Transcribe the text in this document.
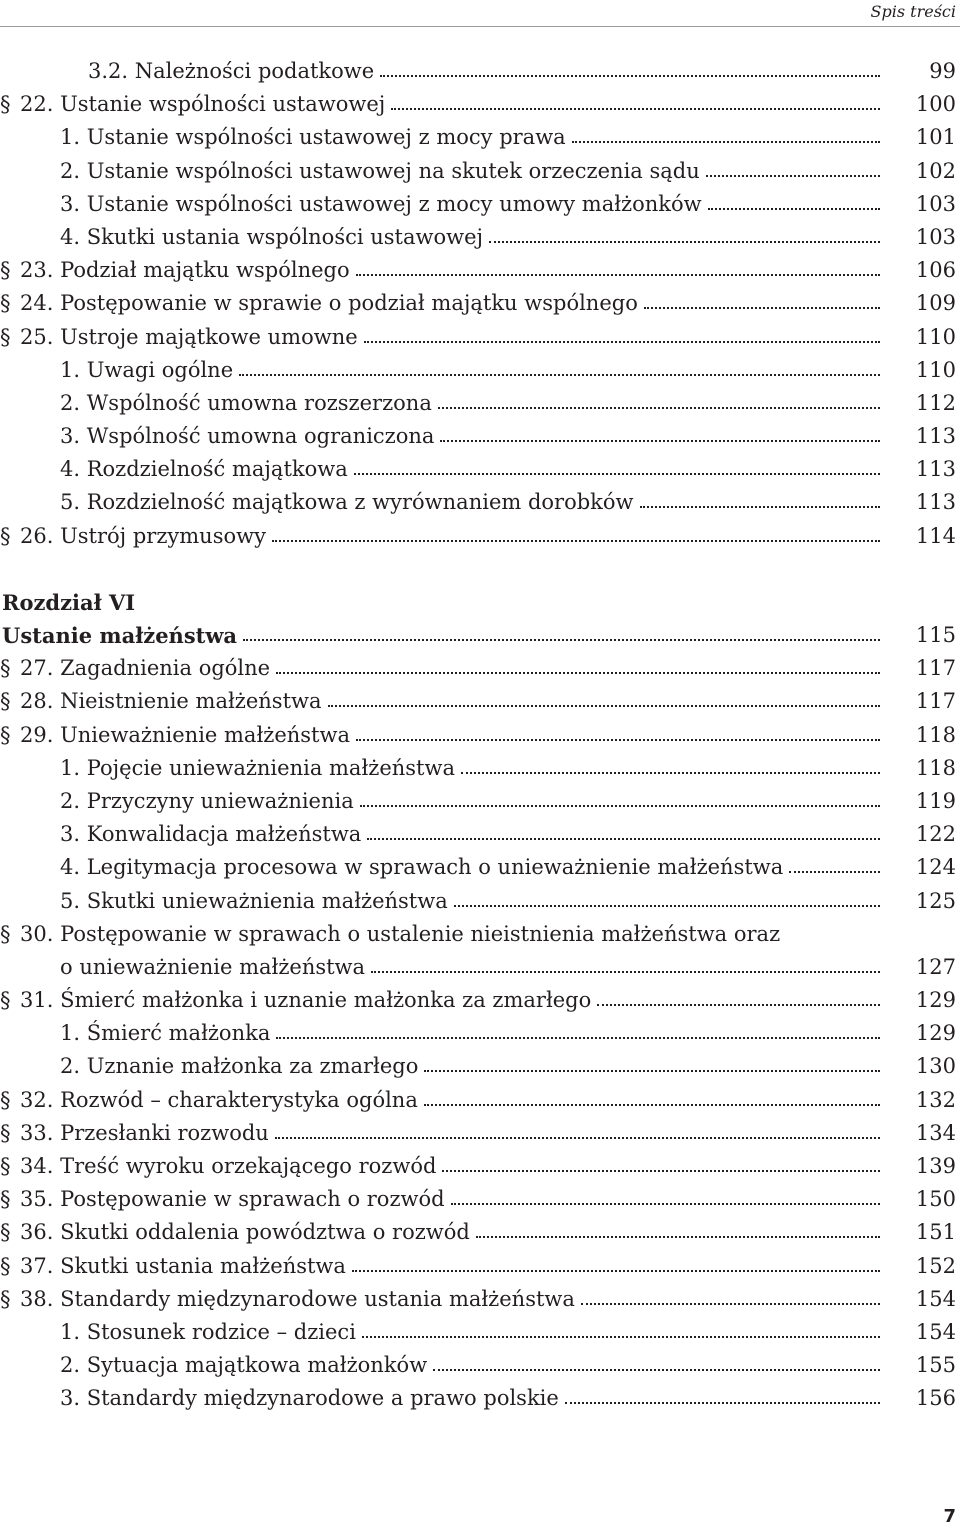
Spis treści
3.2. Należności podatkowe	99
§ 22. Ustanie wspólności ustawowej	100
1. Ustanie wspólności ustawowej z mocy prawa	101
2. Ustanie wspólności ustawowej na skutek orzeczenia sądu	102
3. Ustanie wspólności ustawowej z mocy umowy małżonków	103
4. Skutki ustania wspólności ustawowej	103
§ 23. Podział majątku wspólnego	106
§ 24. Postępowanie w sprawie o podział majątku wspólnego	109
§ 25. Ustroje majątkowe umowne	110
1. Uwagi ogólne	110
2. Wspólność umowna rozszerzona	112
3. Wspólność umowna ograniczona	113
4. Rozdzielność majątkowa	113
5. Rozdzielność majątkowa z wyrównaniem dorobków	113
§ 26. Ustrój przymusowy	114
Rozdział VI
Ustanie małżeństwa	115
§ 27. Zagadnienia ogólne	117
§ 28. Nieistnienie małżeństwa	117
§ 29. Unieważnienie małżeństwa	118
1. Pojęcie unieważnienia małżeństwa	118
2. Przyczyny unieważnienia	119
3. Konwalidacja małżeństwa	122
4. Legitymacja procesowa w sprawach o unieważnienie małżeństwa	124
5. Skutki unieważnienia małżeństwa	125
§ 30. Postępowanie w sprawach o ustalenie nieistnienia małżeństwa oraz
o unieważnienie małżeństwa	127
§ 31. Śmierć małżonka i uznanie małżonka za zmarłego	129
1. Śmierć małżonka	129
2. Uznanie małżonka za zmarłego	130
§ 32. Rozwód – charakterystyka ogólna	132
§ 33. Przesłanki rozwodu	134
§ 34. Treść wyroku orzekającego rozwód	139
§ 35. Postępowanie w sprawach o rozwód	150
§ 36. Skutki oddalenia powództwa o rozwód	151
§ 37. Skutki ustania małżeństwa	152
§ 38. Standardy międzynarodowe ustania małżeństwa	154
1. Stosunek rodzice – dzieci	154
2. Sytuacja majątkowa małżonków	155
3. Standardy międzynarodowe a prawo polskie	156
7
